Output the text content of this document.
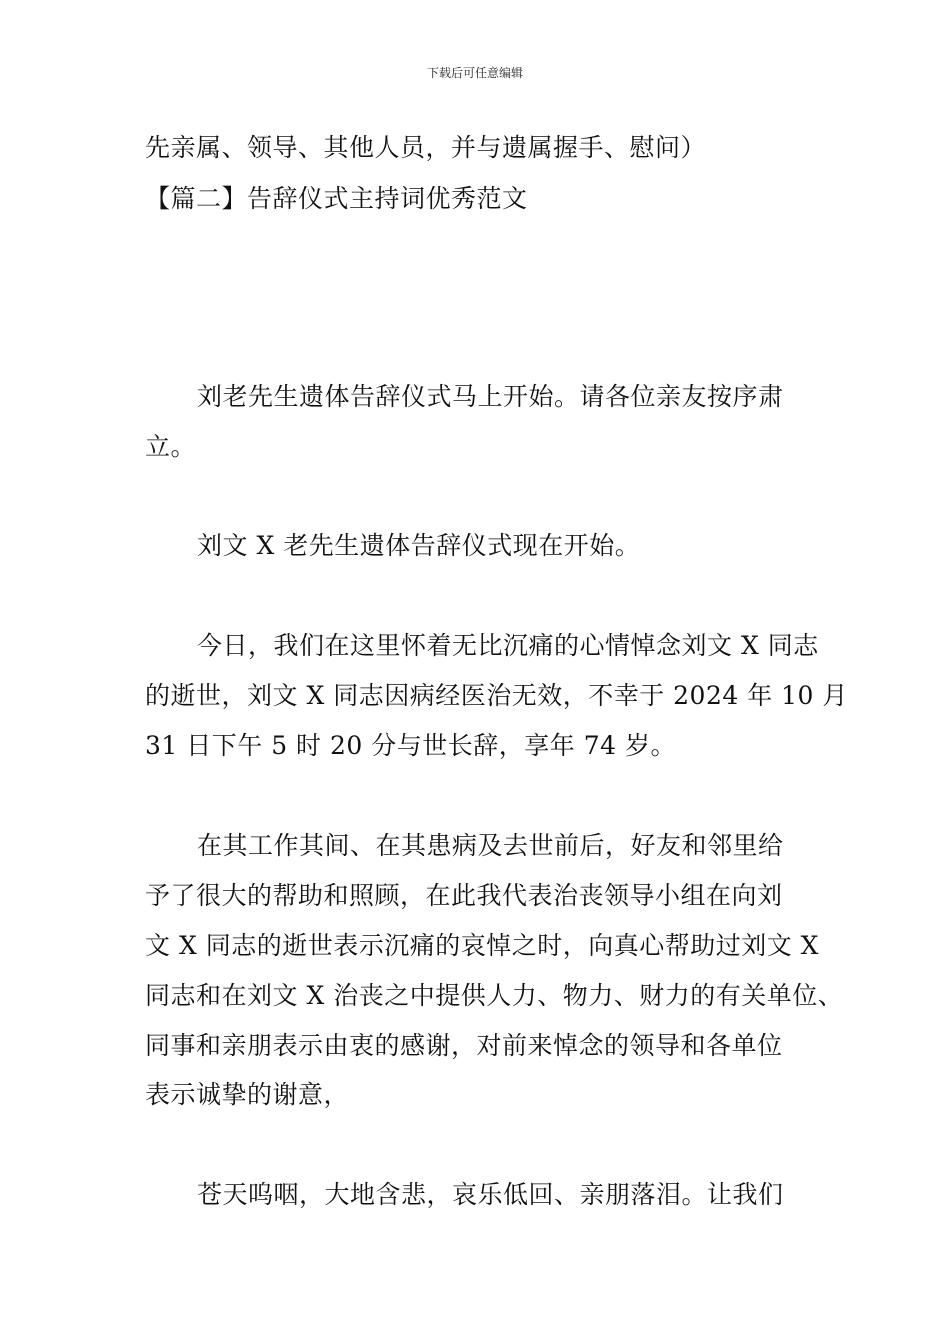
下载后可任意编辑
先亲属、领导、其他人员，并与遗属握手、慰问）
【篇二】告辞仪式主持词优秀范文
刘老先生遗体告辞仪式马上开始。请各位亲友按序肃
立。
刘文 X 老先生遗体告辞仪式现在开始。
今日，我们在这里怀着无比沉痛的心情悼念刘文 X 同志
的逝世，刘文 X 同志因病经医治无效，不幸于 2024 年 10 月
31 日下午 5 时 20 分与世长辞，享年 74 岁。
在其工作其间、在其患病及去世前后，好友和邻里给
予了很大的帮助和照顾，在此我代表治丧领导小组在向刘
文 X 同志的逝世表示沉痛的哀悼之时，向真心帮助过刘文 X
同志和在刘文 X 治丧之中提供人力、物力、财力的有关单位、
同事和亲朋表示由衷的感谢，对前来悼念的领导和各单位
表示诚挚的谢意，
苍天呜咽，大地含悲，哀乐低回、亲朋落泪。让我们
